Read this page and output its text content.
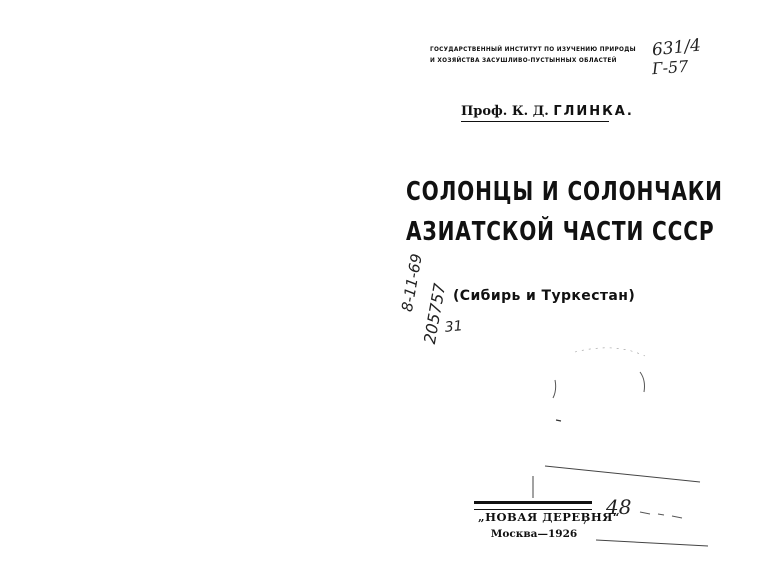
ГОСУДАРСТВЕННЫЙ ИНСТИТУТ ПО ИЗУЧЕНИЮ ПРИРОДЫ
И ХОЗЯЙСТВА ЗАСУШЛИВО-ПУСТЫННЫХ ОБЛАСТЕЙ	631/4
Г-57
Проф. К. Д. ГЛИНКА.
СОЛОНЦЫ И СОЛОНЧАКИ
АЗИАТСКОЙ ЧАСТИ СССР
8-11-69
205757
31
(Сибирь и Туркестан)
48
„НОВАЯ ДЕРЕВНЯ“
Москва—1926
